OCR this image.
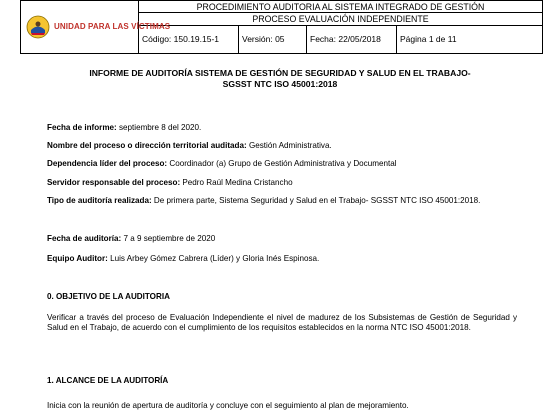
UNIDAD PARA LAS VÍCTIMAS	PROCEDIMIENTO AUDITORIA AL SISTEMA INTEGRADO DE GESTIÓN			
	PROCESO EVALUACIÓN INDEPENDIENTE			
	Código: 150.19.15-1	Versión: 05	Fecha: 22/05/2018	Página 1 de 11
INFORME DE AUDITORÍA SISTEMA DE GESTIÓN DE SEGURIDAD Y SALUD EN EL TRABAJO-
SGSST NTC ISO 45001:2018
Fecha de informe: septiembre 8 del 2020.
Nombre del proceso o dirección territorial auditada: Gestión Administrativa.
Dependencia líder del proceso: Coordinador (a) Grupo de Gestión Administrativa y Documental
Servidor responsable del proceso: Pedro Raúl Medina Cristancho
Tipo de auditoría realizada: De primera parte, Sistema Seguridad y Salud en el Trabajo- SGSST NTC ISO 45001:2018.
Fecha de auditoría: 7 a 9 septiembre de 2020
Equipo Auditor: Luis Arbey Gómez Cabrera (Líder) y Gloria Inés Espinosa.
0. OBJETIVO DE LA AUDITORIA
Verificar a través del proceso de Evaluación Independiente el nivel de madurez de los Subsistemas de Gestión de Seguridad y Salud en el Trabajo, de acuerdo con el cumplimiento de los requisitos establecidos en la norma NTC ISO 45001:2018.
1. ALCANCE DE LA AUDITORÍA
Inicia con la reunión de apertura de auditoría y concluye con el seguimiento al plan de mejoramiento.
